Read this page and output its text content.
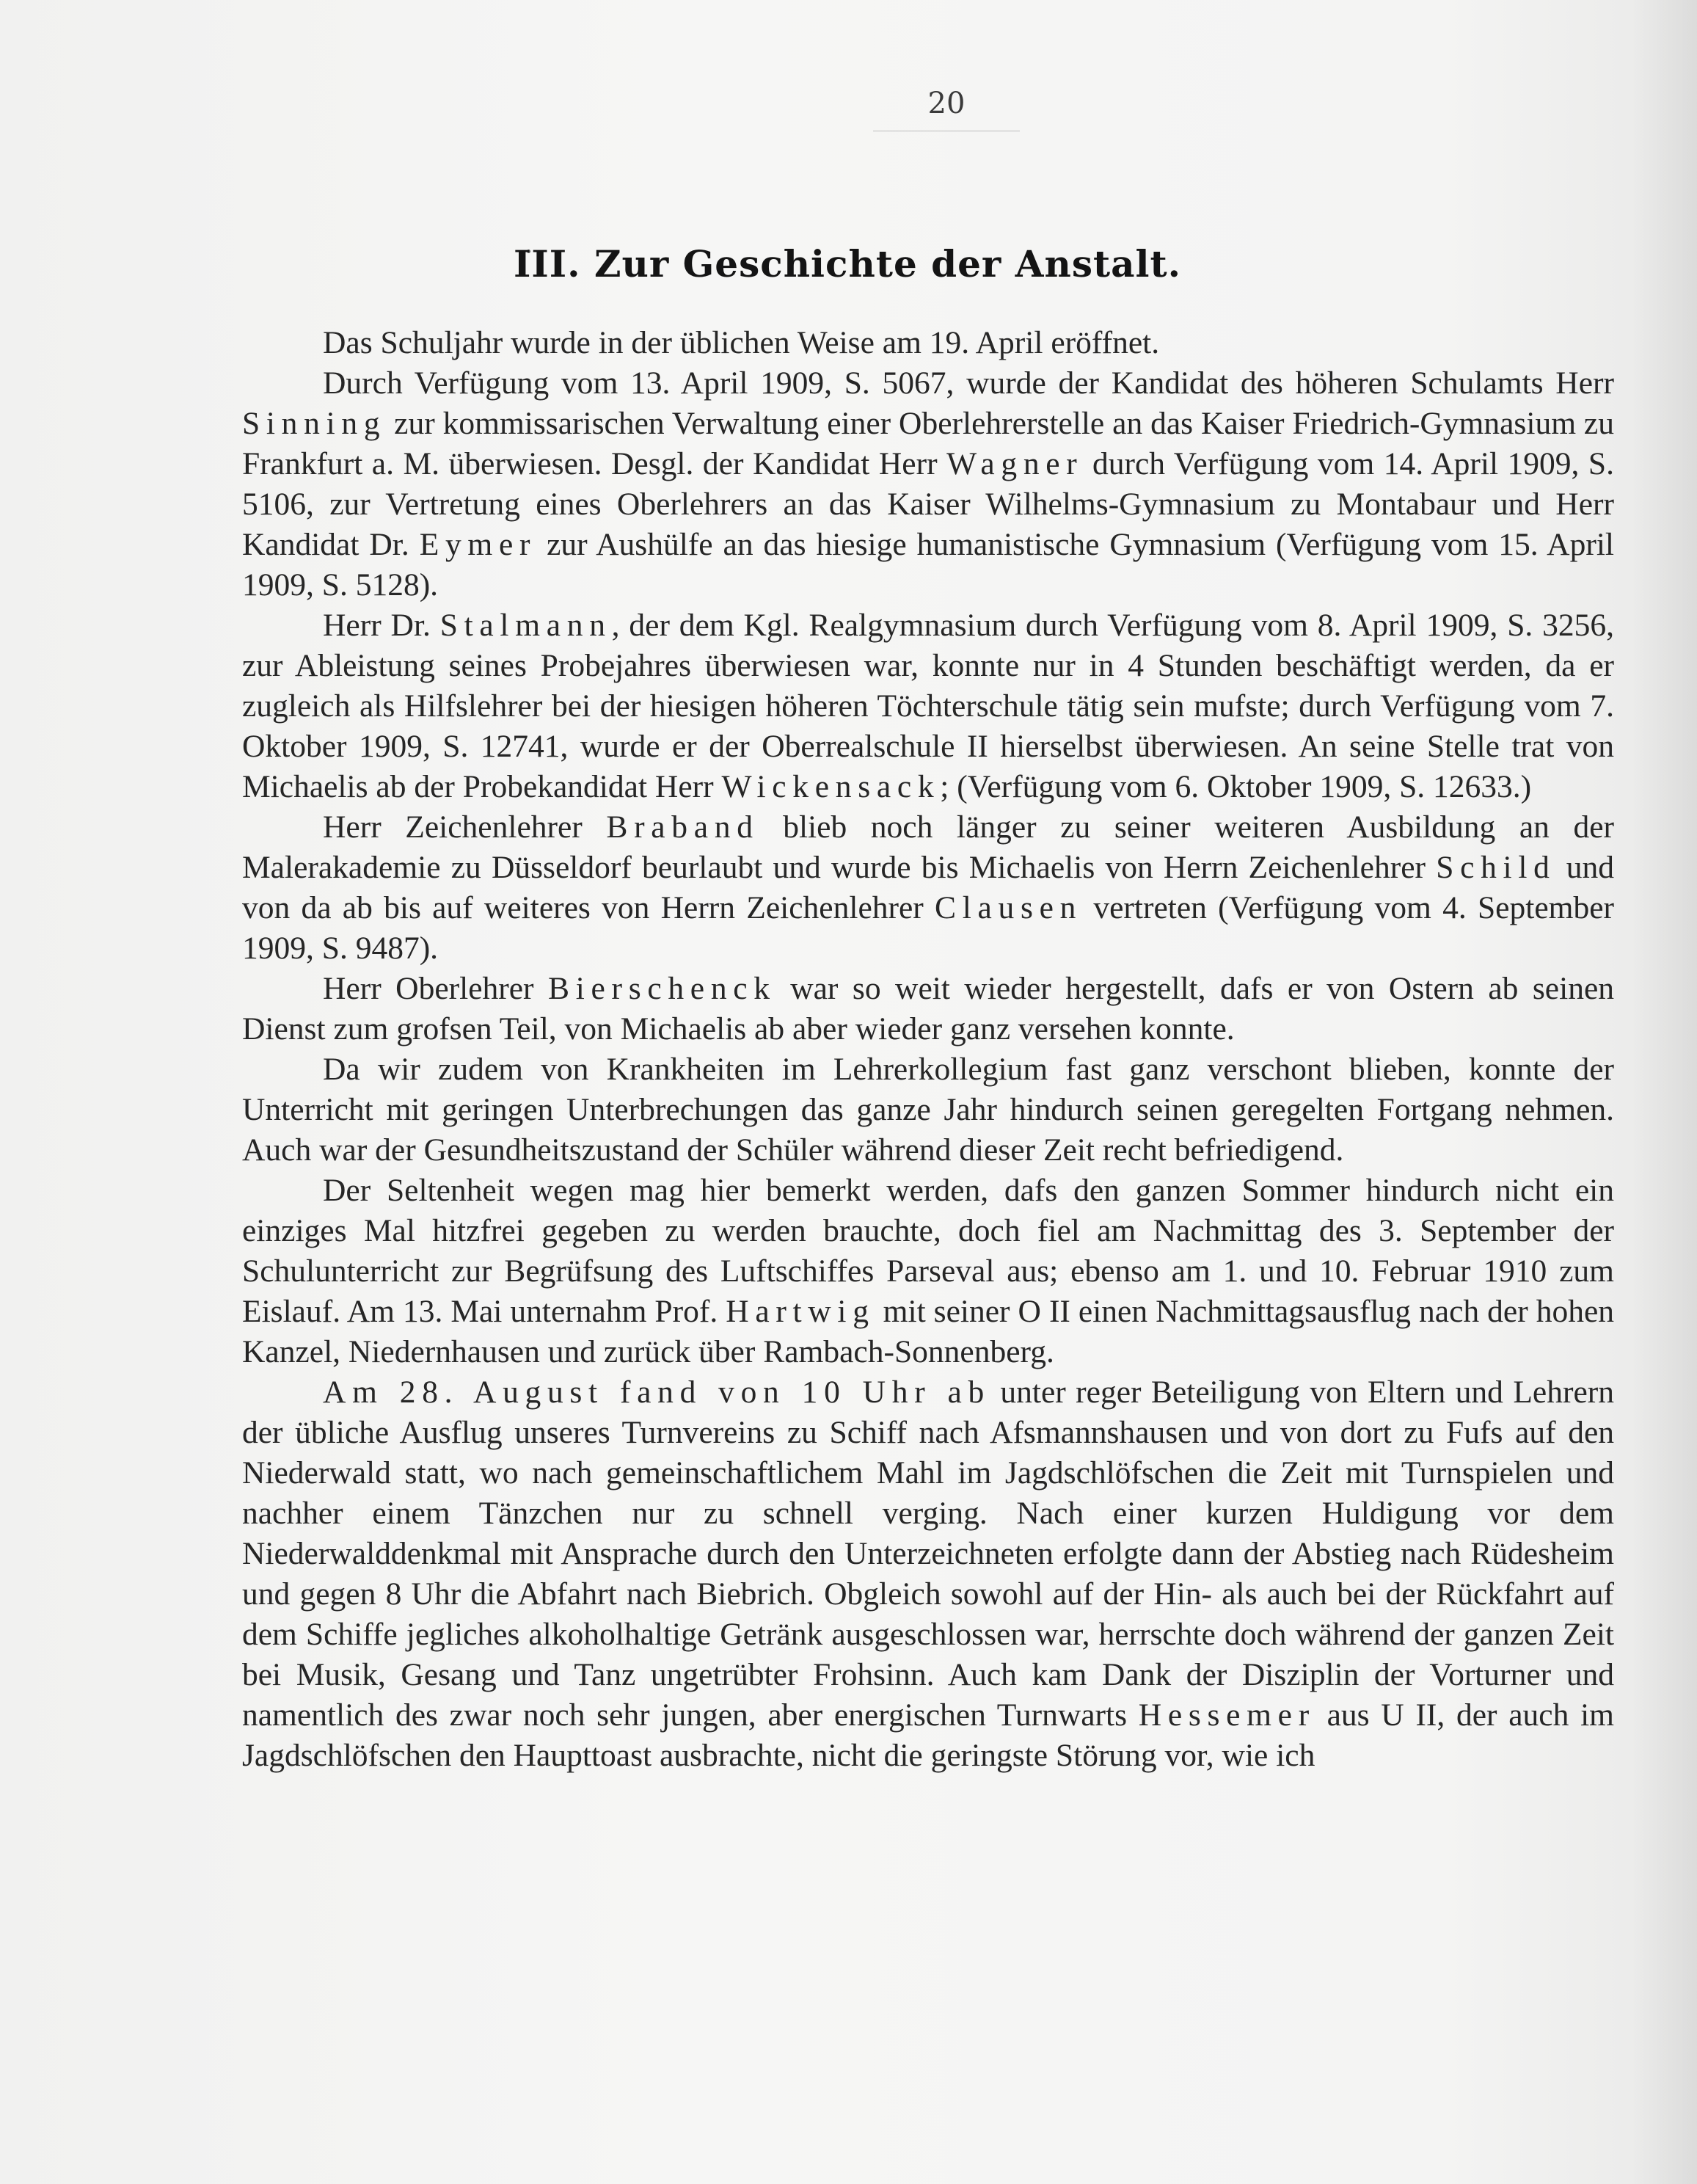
20
III. Zur Geschichte der Anstalt.

Das Schuljahr wurde in der üblichen Weise am 19. April eröffnet.

Durch Verfügung vom 13. April 1909, S. 5067, wurde der Kandidat des höheren Schulamts Herr Sinning zur kommissarischen Verwaltung einer Oberlehrerstelle an das Kaiser Friedrich-Gymnasium zu Frankfurt a. M. überwiesen. Desgl. der Kandidat Herr Wagner durch Verfügung vom 14. April 1909, S. 5106, zur Vertretung eines Oberlehrers an das Kaiser Wilhelms-Gymnasium zu Montabaur und Herr Kandidat Dr. Eymer zur Aushülfe an das hiesige humanistische Gymnasium (Verfügung vom 15. April 1909, S. 5128).

Herr Dr. Stalmann, der dem Kgl. Realgymnasium durch Verfügung vom 8. April 1909, S. 3256, zur Ableistung seines Probejahres überwiesen war, konnte nur in 4 Stunden beschäftigt werden, da er zugleich als Hilfslehrer bei der hiesigen höheren Töchterschule tätig sein mufste; durch Verfügung vom 7. Oktober 1909, S. 12741, wurde er der Oberrealschule II hierselbst überwiesen. An seine Stelle trat von Michaelis ab der Probekandidat Herr Wickensack; (Verfügung vom 6. Oktober 1909, S. 12633.)

Herr Zeichenlehrer Braband blieb noch länger zu seiner weiteren Ausbildung an der Malerakademie zu Düsseldorf beurlaubt und wurde bis Michaelis von Herrn Zeichenlehrer Schild und von da ab bis auf weiteres von Herrn Zeichenlehrer Clausen vertreten (Verfügung vom 4. September 1909, S. 9487).

Herr Oberlehrer Bierschenck war so weit wieder hergestellt, dafs er von Ostern ab seinen Dienst zum grofsen Teil, von Michaelis ab aber wieder ganz versehen konnte.

Da wir zudem von Krankheiten im Lehrerkollegium fast ganz verschont blieben, konnte der Unterricht mit geringen Unterbrechungen das ganze Jahr hindurch seinen geregelten Fortgang nehmen. Auch war der Gesundheitszustand der Schüler während dieser Zeit recht befriedigend.

Der Seltenheit wegen mag hier bemerkt werden, dafs den ganzen Sommer hindurch nicht ein einziges Mal hitzfrei gegeben zu werden brauchte, doch fiel am Nachmittag des 3. September der Schulunterricht zur Begrüfsung des Luftschiffes Parseval aus; ebenso am 1. und 10. Februar 1910 zum Eislauf. Am 13. Mai unternahm Prof. Hartwig mit seiner O II einen Nachmittagsausflug nach der hohen Kanzel, Niedernhausen und zurück über Rambach-Sonnenberg.

Am 28. August fand von 10 Uhr ab unter reger Beteiligung von Eltern und Lehrern der übliche Ausflug unseres Turnvereins zu Schiff nach Afsmannshausen und von dort zu Fufs auf den Niederwald statt, wo nach gemeinschaftlichem Mahl im Jagdschlöfschen die Zeit mit Turnspielen und nachher einem Tänzchen nur zu schnell verging. Nach einer kurzen Huldigung vor dem Niederwalddenkmal mit Ansprache durch den Unterzeichneten erfolgte dann der Abstieg nach Rüdesheim und gegen 8 Uhr die Abfahrt nach Biebrich. Obgleich sowohl auf der Hin- als auch bei der Rückfahrt auf dem Schiffe jegliches alkoholhaltige Getränk ausgeschlossen war, herrschte doch während der ganzen Zeit bei Musik, Gesang und Tanz ungetrübter Frohsinn. Auch kam Dank der Disziplin der Vorturner und namentlich des zwar noch sehr jungen, aber energischen Turnwarts Hessemer aus U II, der auch im Jagdschlöfschen den Haupttoast ausbrachte, nicht die geringste Störung vor, wie ich
